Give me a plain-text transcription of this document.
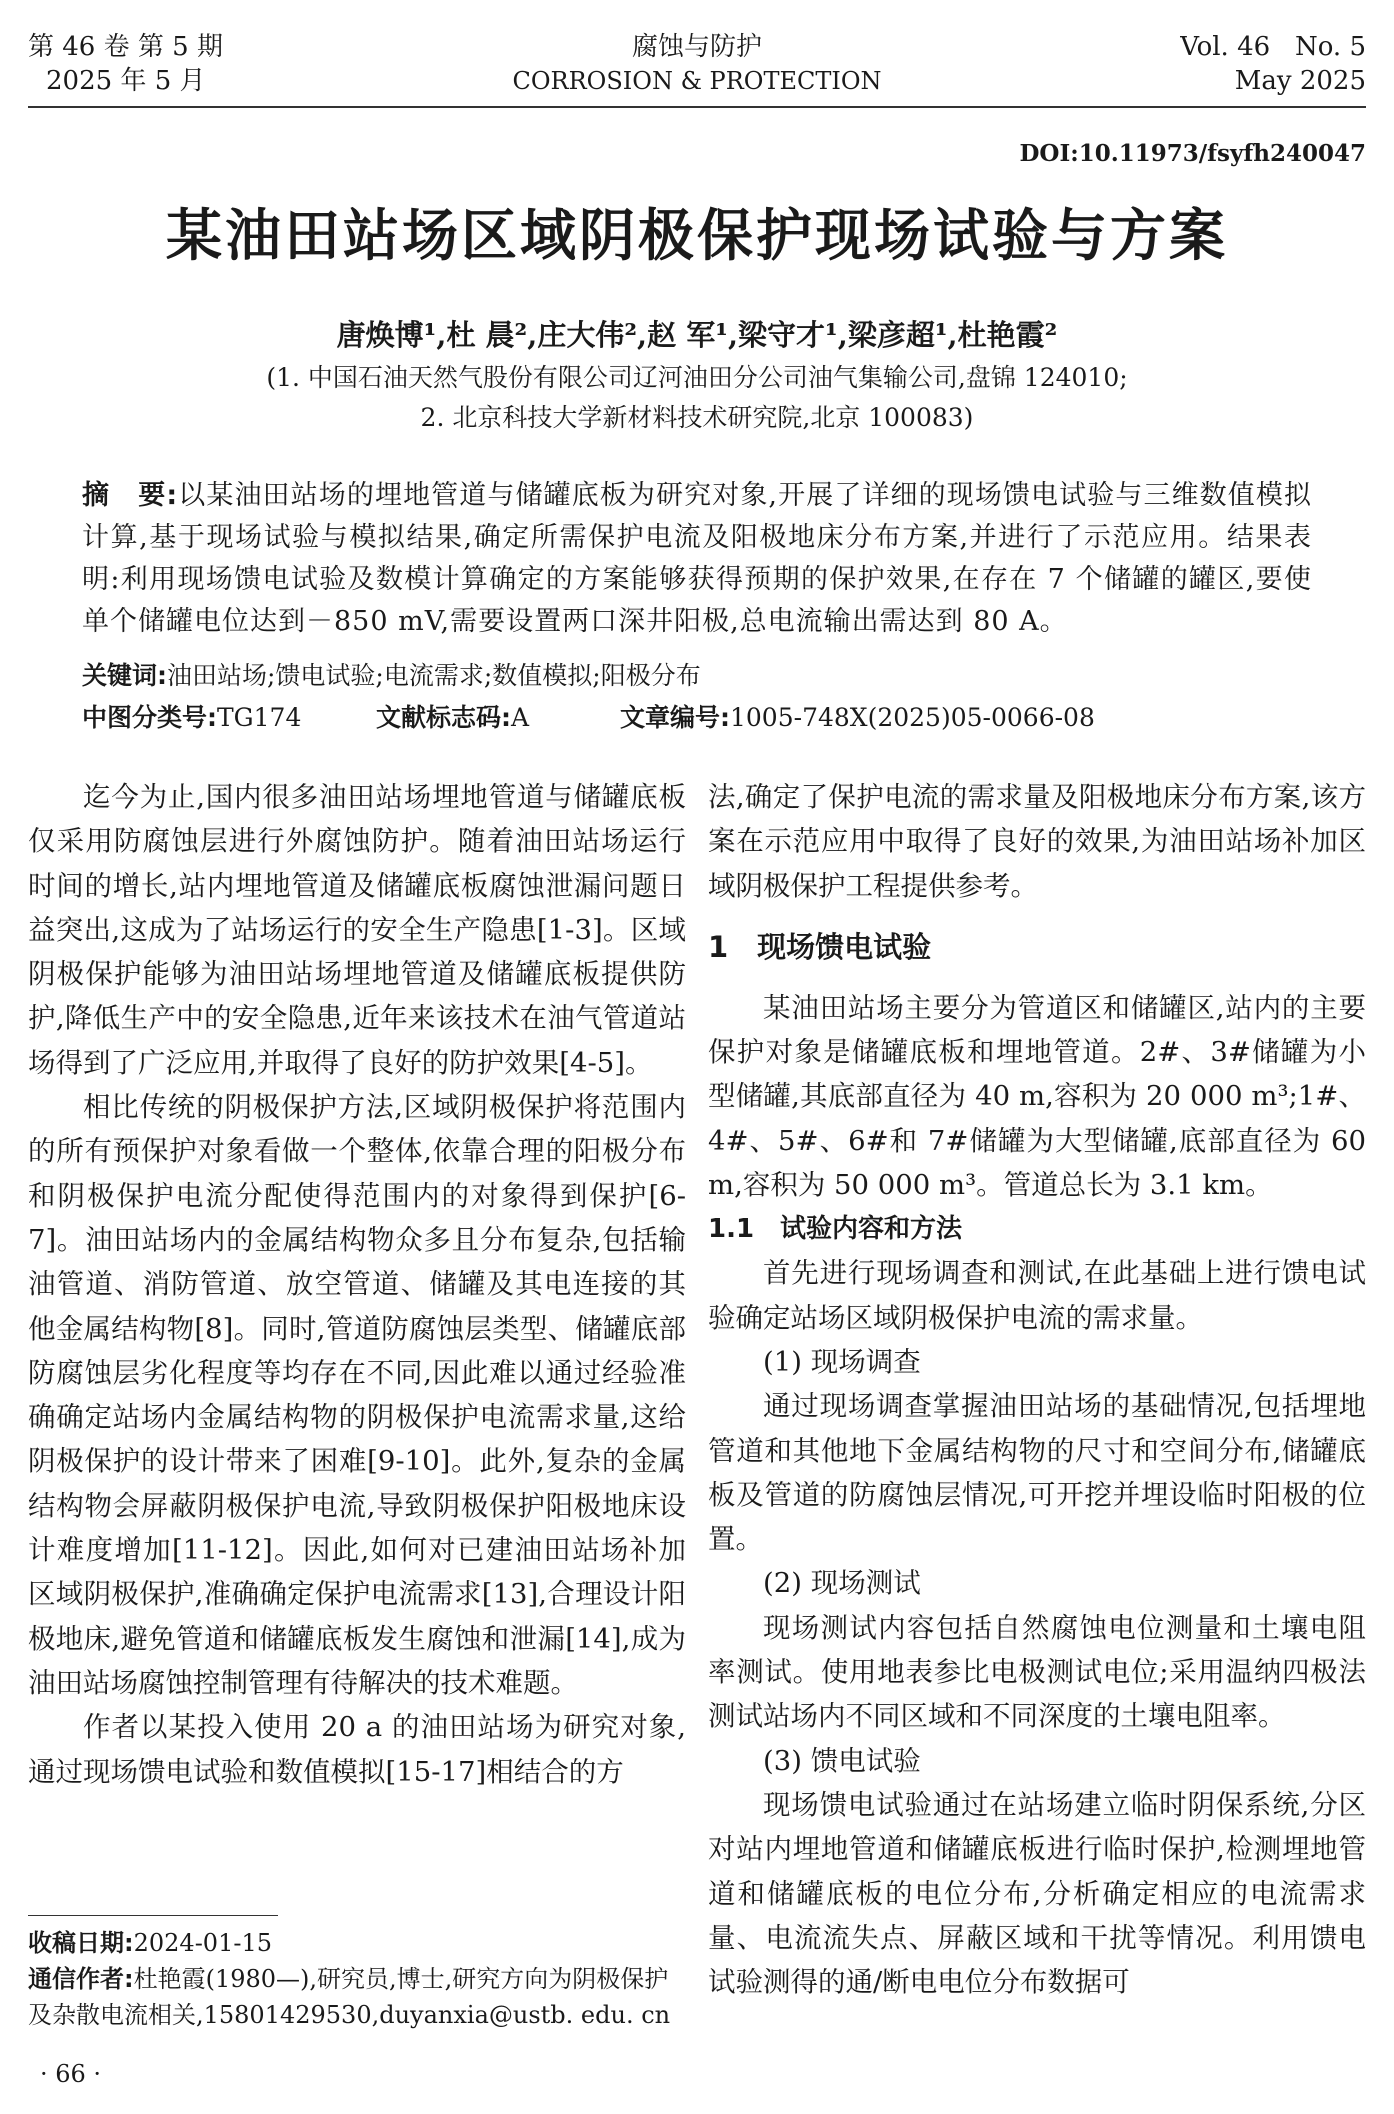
第 46 卷 第 5 期
2025 年 5 月
腐蚀与防护
CORROSION & PROTECTION
Vol. 46   No. 5
May 2025
DOI:10.11973/fsyfh240047
某油田站场区域阴极保护现场试验与方案
唐焕博¹,杜 晨²,庄大伟²,赵 军¹,梁守才¹,梁彦超¹,杜艳霞²
(1. 中国石油天然气股份有限公司辽河油田分公司油气集输公司,盘锦 124010;
2. 北京科技大学新材料技术研究院,北京 100083)
摘　要:以某油田站场的埋地管道与储罐底板为研究对象,开展了详细的现场馈电试验与三维数值模拟计算,基于现场试验与模拟结果,确定所需保护电流及阳极地床分布方案,并进行了示范应用。结果表明:利用现场馈电试验及数模计算确定的方案能够获得预期的保护效果,在存在 7 个储罐的罐区,要使单个储罐电位达到－850 mV,需要设置两口深井阳极,总电流输出需达到 80 A。
关键词:油田站场;馈电试验;电流需求;数值模拟;阳极分布
中图分类号:TG174	文献标志码:A	文章编号:1005-748X(2025)05-0066-08

迄今为止,国内很多油田站场埋地管道与储罐底板仅采用防腐蚀层进行外腐蚀防护。随着油田站场运行时间的增长,站内埋地管道及储罐底板腐蚀泄漏问题日益突出,这成为了站场运行的安全生产隐患[1-3]。区域阴极保护能够为油田站场埋地管道及储罐底板提供防护,降低生产中的安全隐患,近年来该技术在油气管道站场得到了广泛应用,并取得了良好的防护效果[4-5]。

相比传统的阴极保护方法,区域阴极保护将范围内的所有预保护对象看做一个整体,依靠合理的阳极分布和阴极保护电流分配使得范围内的对象得到保护[6-7]。油田站场内的金属结构物众多且分布复杂,包括输油管道、消防管道、放空管道、储罐及其电连接的其他金属结构物[8]。同时,管道防腐蚀层类型、储罐底部防腐蚀层劣化程度等均存在不同,因此难以通过经验准确确定站场内金属结构物的阴极保护电流需求量,这给阴极保护的设计带来了困难[9-10]。此外,复杂的金属结构物会屏蔽阴极保护电流,导致阴极保护阳极地床设计难度增加[11-12]。因此,如何对已建油田站场补加区域阴极保护,准确确定保护电流需求[13],合理设计阳极地床,避免管道和储罐底板发生腐蚀和泄漏[14],成为油田站场腐蚀控制管理有待解决的技术难题。

作者以某投入使用 20 a 的油田站场为研究对象,通过现场馈电试验和数值模拟[15-17]相结合的方

法,确定了保护电流的需求量及阳极地床分布方案,该方案在示范应用中取得了良好的效果,为油田站场补加区域阴极保护工程提供参考。

1　现场馈电试验

某油田站场主要分为管道区和储罐区,站内的主要保护对象是储罐底板和埋地管道。2#、3#储罐为小型储罐,其底部直径为 40 m,容积为 20 000 m³;1#、4#、5#、6#和 7#储罐为大型储罐,底部直径为 60 m,容积为 50 000 m³。管道总长为 3.1 km。

1.1　试验内容和方法

首先进行现场调查和测试,在此基础上进行馈电试验确定站场区域阴极保护电流的需求量。

(1) 现场调查

通过现场调查掌握油田站场的基础情况,包括埋地管道和其他地下金属结构物的尺寸和空间分布,储罐底板及管道的防腐蚀层情况,可开挖并埋设临时阳极的位置。

(2) 现场测试

现场测试内容包括自然腐蚀电位测量和土壤电阻率测试。使用地表参比电极测试电位;采用温纳四极法测试站场内不同区域和不同深度的土壤电阻率。

(3) 馈电试验

现场馈电试验通过在站场建立临时阴保系统,分区对站内埋地管道和储罐底板进行临时保护,检测埋地管道和储罐底板的电位分布,分析确定相应的电流需求量、电流流失点、屏蔽区域和干扰等情况。利用馈电试验测得的通/断电电位分布数据可

收稿日期:2024-01-15
通信作者:杜艳霞(1980—),研究员,博士,研究方向为阴极保护及杂散电流相关,15801429530,duyanxia@ustb. edu. cn
· 66 ·
